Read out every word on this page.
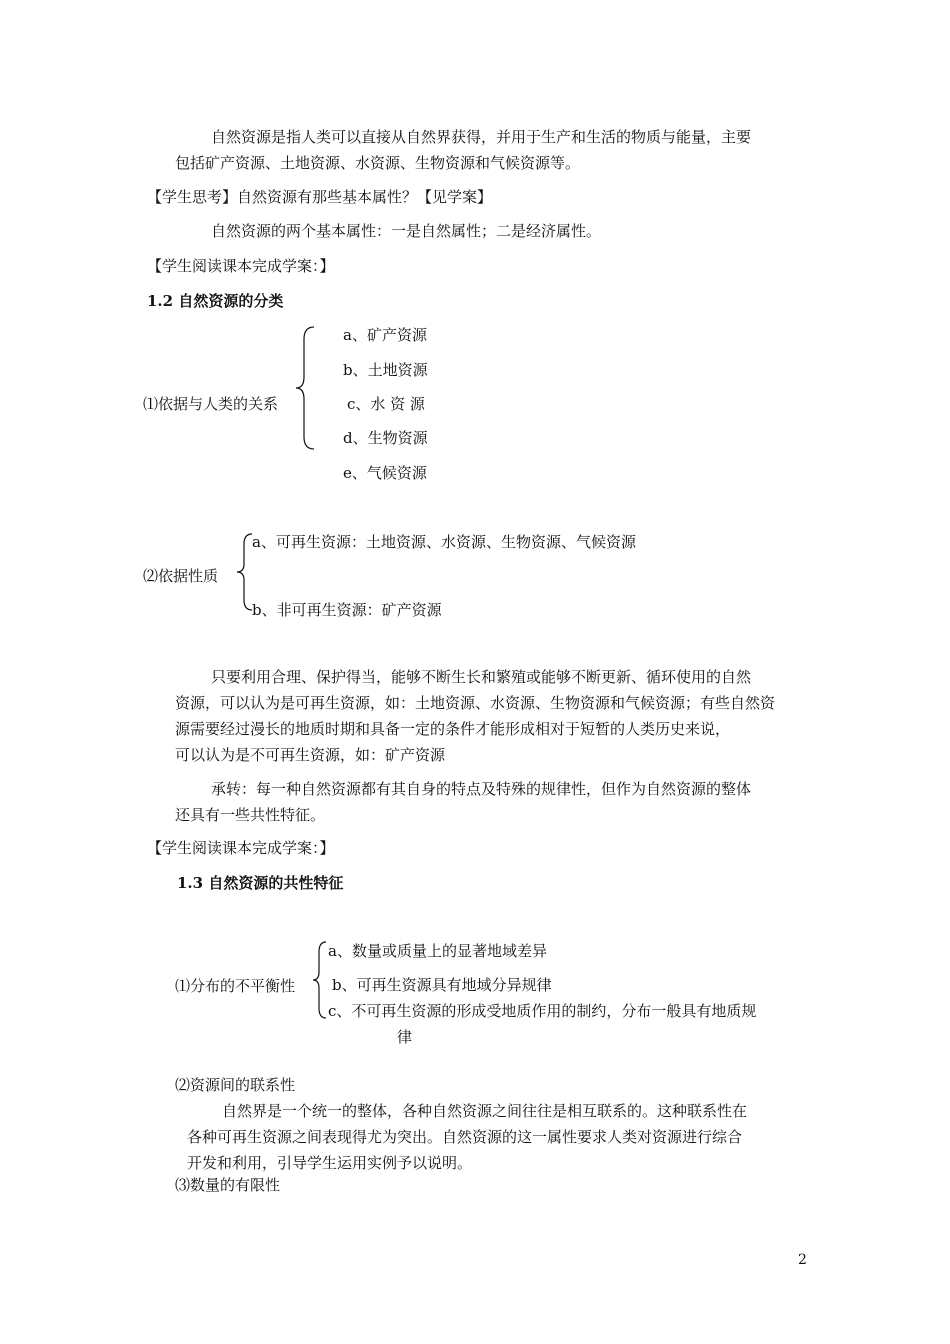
自然资源是指人类可以直接从自然界获得，并用于生产和生活的物质与能量，主要
包括矿产资源、土地资源、水资源、生物资源和气候资源等。
【学生思考】自然资源有那些基本属性？【见学案】
自然资源的两个基本属性：一是自然属性；二是经济属性。
【学生阅读课本完成学案：】
1.2 自然资源的分类
⑴依据与人类的关系
a、矿产资源
b、土地资源
c、水 资 源
d、生物资源
e、气候资源
⑵依据性质
a、可再生资源：土地资源、水资源、生物资源、气候资源
b、非可再生资源：矿产资源
只要利用合理、保护得当，能够不断生长和繁殖或能够不断更新、循环使用的自然
资源，可以认为是可再生资源，如：土地资源、水资源、生物资源和气候资源；有些自然资
源需要经过漫长的地质时期和具备一定的条件才能形成相对于短暂的人类历史来说，
可以认为是不可再生资源，如：矿产资源
承转：每一种自然资源都有其自身的特点及特殊的规律性，但作为自然资源的整体
还具有一些共性特征。
【学生阅读课本完成学案：】
1.3 自然资源的共性特征
⑴分布的不平衡性
a、数量或质量上的显著地域差异
b、可再生资源具有地域分异规律
c、不可再生资源的形成受地质作用的制约，分布一般具有地质规
律
⑵资源间的联系性
自然界是一个统一的整体，各种自然资源之间往往是相互联系的。这种联系性在
各种可再生资源之间表现得尤为突出。自然资源的这一属性要求人类对资源进行综合
开发和利用，引导学生运用实例予以说明。
⑶数量的有限性
2
